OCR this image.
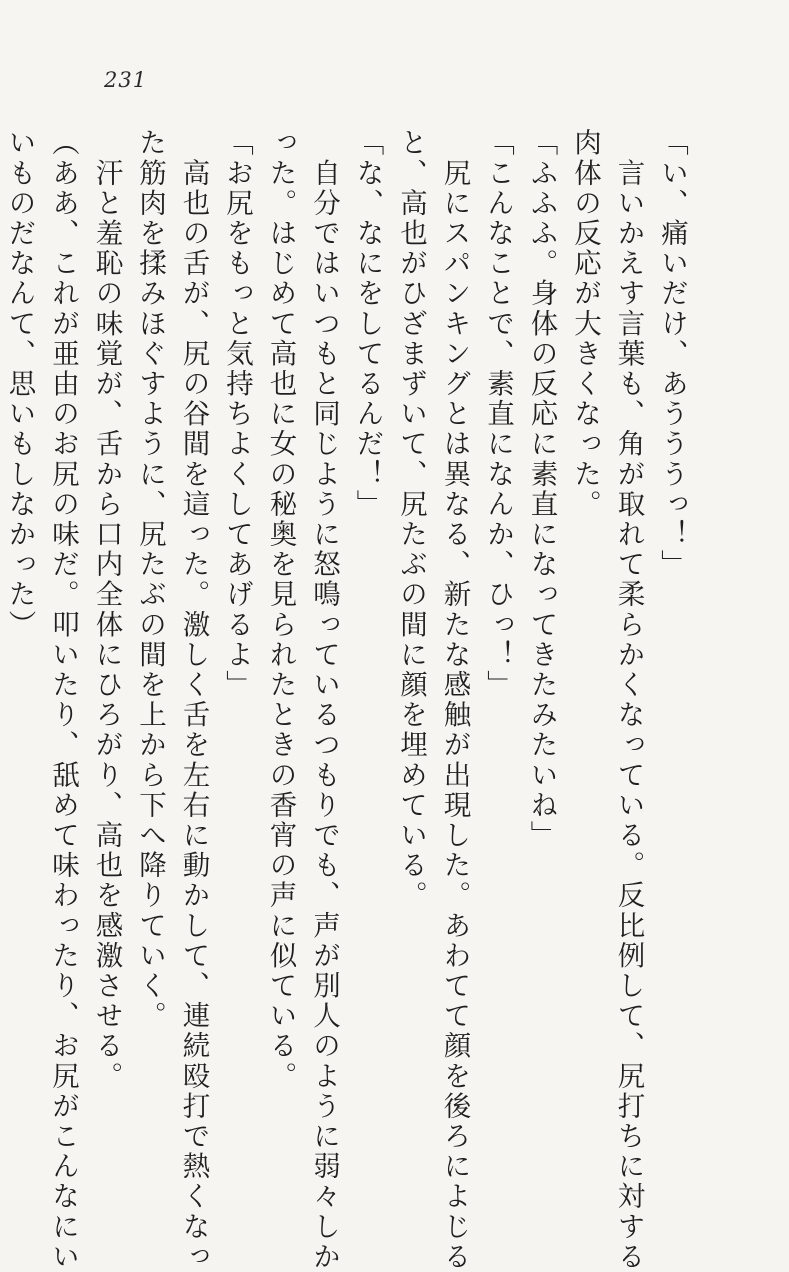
231
「い、痛いだけ、あうううっ！」
　言いかえす言葉も、角が取れて柔らかくなっている。反比例して、尻打ちに対する
肉体の反応が大きくなった。
「ふふふ。身体の反応に素直になってきたみたいね」
「こんなことで、素直になんか、ひっ！」
　尻にスパンキングとは異なる、新たな感触が出現した。あわてて顔を後ろによじる
と、高也がひざまずいて、尻たぶの間に顔を埋めている。
「な、なにをしてるんだ！」
　自分ではいつもと同じように怒鳴っているつもりでも、声が別人のように弱々しか
った。はじめて高也に女の秘奥を見られたときの香宵の声に似ている。
「お尻をもっと気持ちよくしてあげるよ」
　高也の舌が、尻の谷間を這った。激しく舌を左右に動かして、連続殴打で熱くなっ
た筋肉を揉みほぐすように、尻たぶの間を上から下へ降りていく。
　汗と羞恥の味覚が、舌から口内全体にひろがり、高也を感激させる。
（ああ、これが亜由のお尻の味だ。叩いたり、舐めて味わったり、お尻がこんなにい
いものだなんて、思いもしなかった）
